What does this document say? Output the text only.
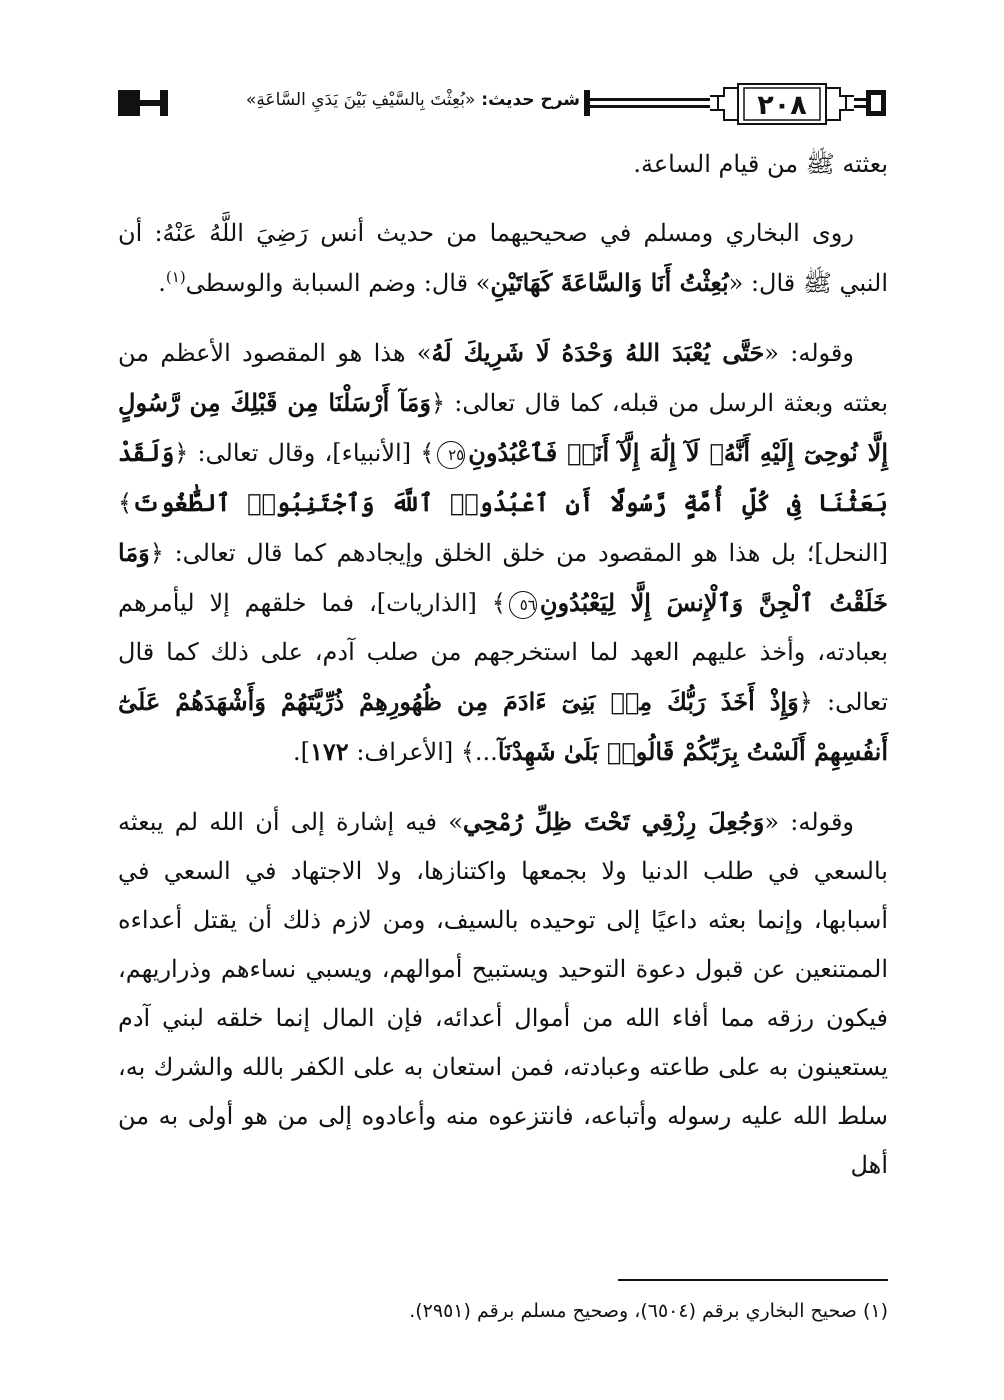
٢٠٨
شرح حديث: «بُعِثْتَ بِالسَّيْفِ بَيْنَ يَدَيِ السَّاعَةِ»

بعثته ﷺ من قيام الساعة.

روى البخاري ومسلم في صحيحيهما من حديث أنس رَضِيَ اللَّهُ عَنْهُ: أن النبي ﷺ قال: «بُعِثْتُ أَنَا وَالسَّاعَةَ كَهَاتَيْنِ» قال: وضم السبابة والوسطى$^{(١)}$.

وقوله: «حَتَّى يُعْبَدَ اللهُ وَحْدَهُ لَا شَرِيكَ لَهُ» هذا هو المقصود الأعظم من بعثته وبعثة الرسل من قبله، كما قال تعالى: ﴿وَمَآ أَرْسَلْنَا مِن قَبْلِكَ مِن رَّسُولٍ إِلَّا نُوحِىٓ إِلَيْهِ أَنَّهُۥ لَآ إِلَٰهَ إِلَّآ أَنَا۠ فَٱعْبُدُونِ٢٥﴾ [الأنبياء]، وقال تعالى: ﴿وَلَقَدْ بَعَثْنَا فِى كُلِّ أُمَّةٍ رَّسُولًا أَنِ ٱعْبُدُوا۟ ٱللَّهَ وَٱجْتَنِبُوا۟ ٱلطَّٰغُوتَ﴾ [النحل]؛ بل هذا هو المقصود من خلق الخلق وإيجادهم كما قال تعالى: ﴿وَمَا خَلَقْتُ ٱلْجِنَّ وَٱلْإِنسَ إِلَّا لِيَعْبُدُونِ٥٦﴾ [الذاريات]، فما خلقهم إلا ليأمرهم بعبادته، وأخذ عليهم العهد لما استخرجهم من صلب آدم، على ذلك كما قال تعالى: ﴿وَإِذْ أَخَذَ رَبُّكَ مِنۢ بَنِىٓ ءَادَمَ مِن ظُهُورِهِمْ ذُرِّيَّتَهُمْ وَأَشْهَدَهُمْ عَلَىٰٓ أَنفُسِهِمْ أَلَسْتُ بِرَبِّكُمْ قَالُوا۟ بَلَىٰ شَهِدْنَآ...﴾ [الأعراف: ١٧٢].

وقوله: «وَجُعِلَ رِزْقِي تَحْتَ ظِلِّ رُمْحِي» فيه إشارة إلى أن الله لم يبعثه بالسعي في طلب الدنيا ولا بجمعها واكتنازها، ولا الاجتهاد في السعي في أسبابها، وإنما بعثه داعيًا إلى توحيده بالسيف، ومن لازم ذلك أن يقتل أعداءه الممتنعين عن قبول دعوة التوحيد ويستبيح أموالهم، ويسبي نساءهم وذراريهم، فيكون رزقه مما أفاء الله من أموال أعدائه، فإن المال إنما خلقه لبني آدم يستعينون به على طاعته وعبادته، فمن استعان به على الكفر بالله والشرك به، سلط الله عليه رسوله وأتباعه، فانتزعوه منه وأعادوه إلى من هو أولى به من أهل

(١) صحيح البخاري برقم (٦٥٠٤)، وصحيح مسلم برقم (٢٩٥١).
